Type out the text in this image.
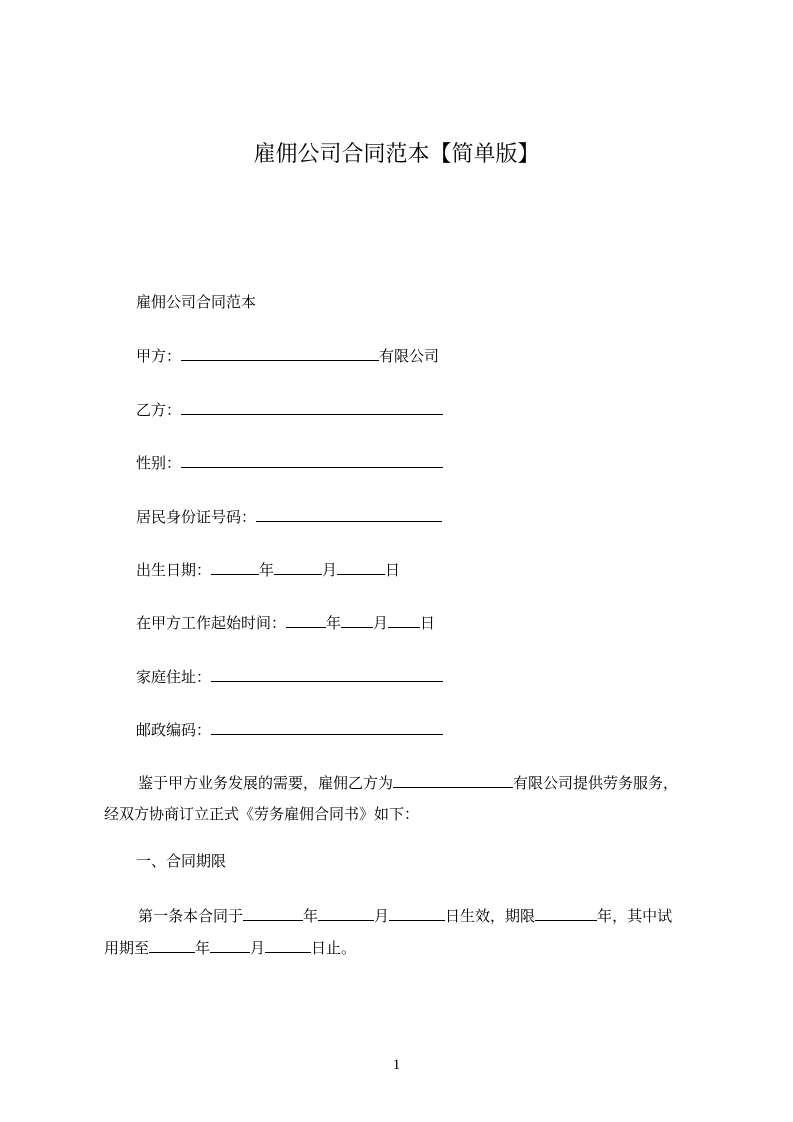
雇佣公司合同范本【简单版】
雇佣公司合同范本
甲方：	有限公司
乙方：
性别：
居民身份证号码：
出生日期：	年	月	日
在甲方工作起始时间：	年 月 日
家庭住址：
邮政编码：
鉴于甲方业务发展的需要，雇佣乙方为	有限公司提供劳务服务，
经双方协商订立正式《劳务雇佣合同书》如下：
一、合同期限
第一条本合同于	年	月	日生效，期限	年，其中试
用期至	年	月	日止。
1
